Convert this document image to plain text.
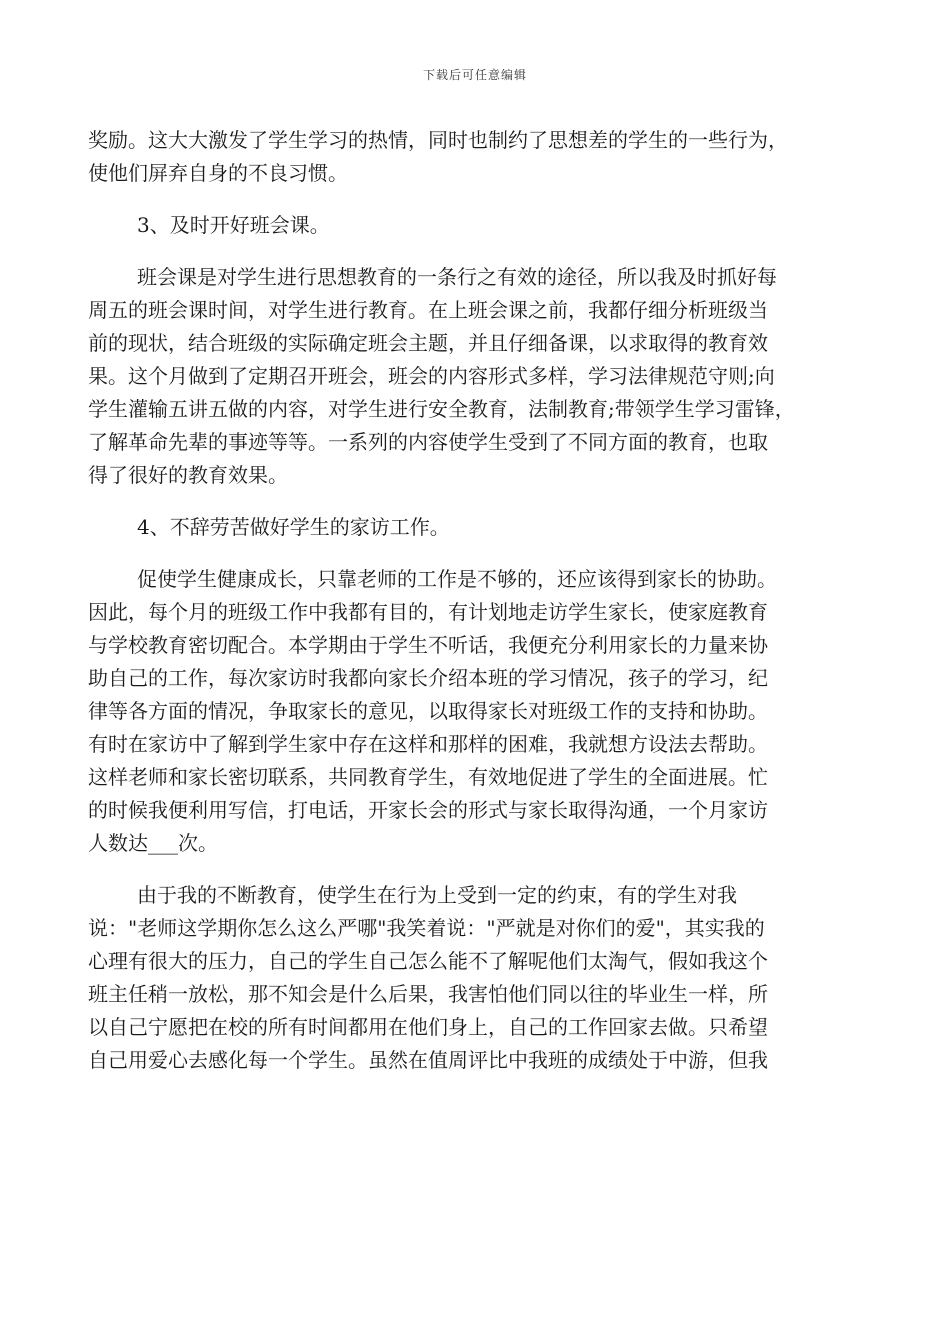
下载后可任意编辑

奖励。这大大激发了学生学习的热情，同时也制约了思想差的学生的一些行为，
使他们屏弃自身的不良习惯。

3、及时开好班会课。

班会课是对学生进行思想教育的一条行之有效的途径，所以我及时抓好每
周五的班会课时间，对学生进行教育。在上班会课之前，我都仔细分析班级当
前的现状，结合班级的实际确定班会主题，并且仔细备课，以求取得的教育效
果。这个月做到了定期召开班会，班会的内容形式多样，学习法律规范守则;向
学生灌输五讲五做的内容，对学生进行安全教育，法制教育;带领学生学习雷锋，
了解革命先辈的事迹等等。一系列的内容使学生受到了不同方面的教育，也取
得了很好的教育效果。

4、不辞劳苦做好学生的家访工作。

促使学生健康成长，只靠老师的工作是不够的，还应该得到家长的协助。
因此，每个月的班级工作中我都有目的，有计划地走访学生家长，使家庭教育
与学校教育密切配合。本学期由于学生不听话，我便充分利用家长的力量来协
助自己的工作，每次家访时我都向家长介绍本班的学习情况，孩子的学习，纪
律等各方面的情况，争取家长的意见，以取得家长对班级工作的支持和协助。
有时在家访中了解到学生家中存在这样和那样的困难，我就想方设法去帮助。
这样老师和家长密切联系，共同教育学生，有效地促进了学生的全面进展。忙
的时候我便利用写信，打电话，开家长会的形式与家长取得沟通，一个月家访
人数达___次。

由于我的不断教育，使学生在行为上受到一定的约束，有的学生对我
说："老师这学期你怎么这么严哪"我笑着说："严就是对你们的爱"，其实我的
心理有很大的压力，自己的学生自己怎么能不了解呢他们太淘气，假如我这个
班主任稍一放松，那不知会是什么后果，我害怕他们同以往的毕业生一样，所
以自己宁愿把在校的所有时间都用在他们身上，自己的工作回家去做。只希望
自己用爱心去感化每一个学生。虽然在值周评比中我班的成绩处于中游，但我
